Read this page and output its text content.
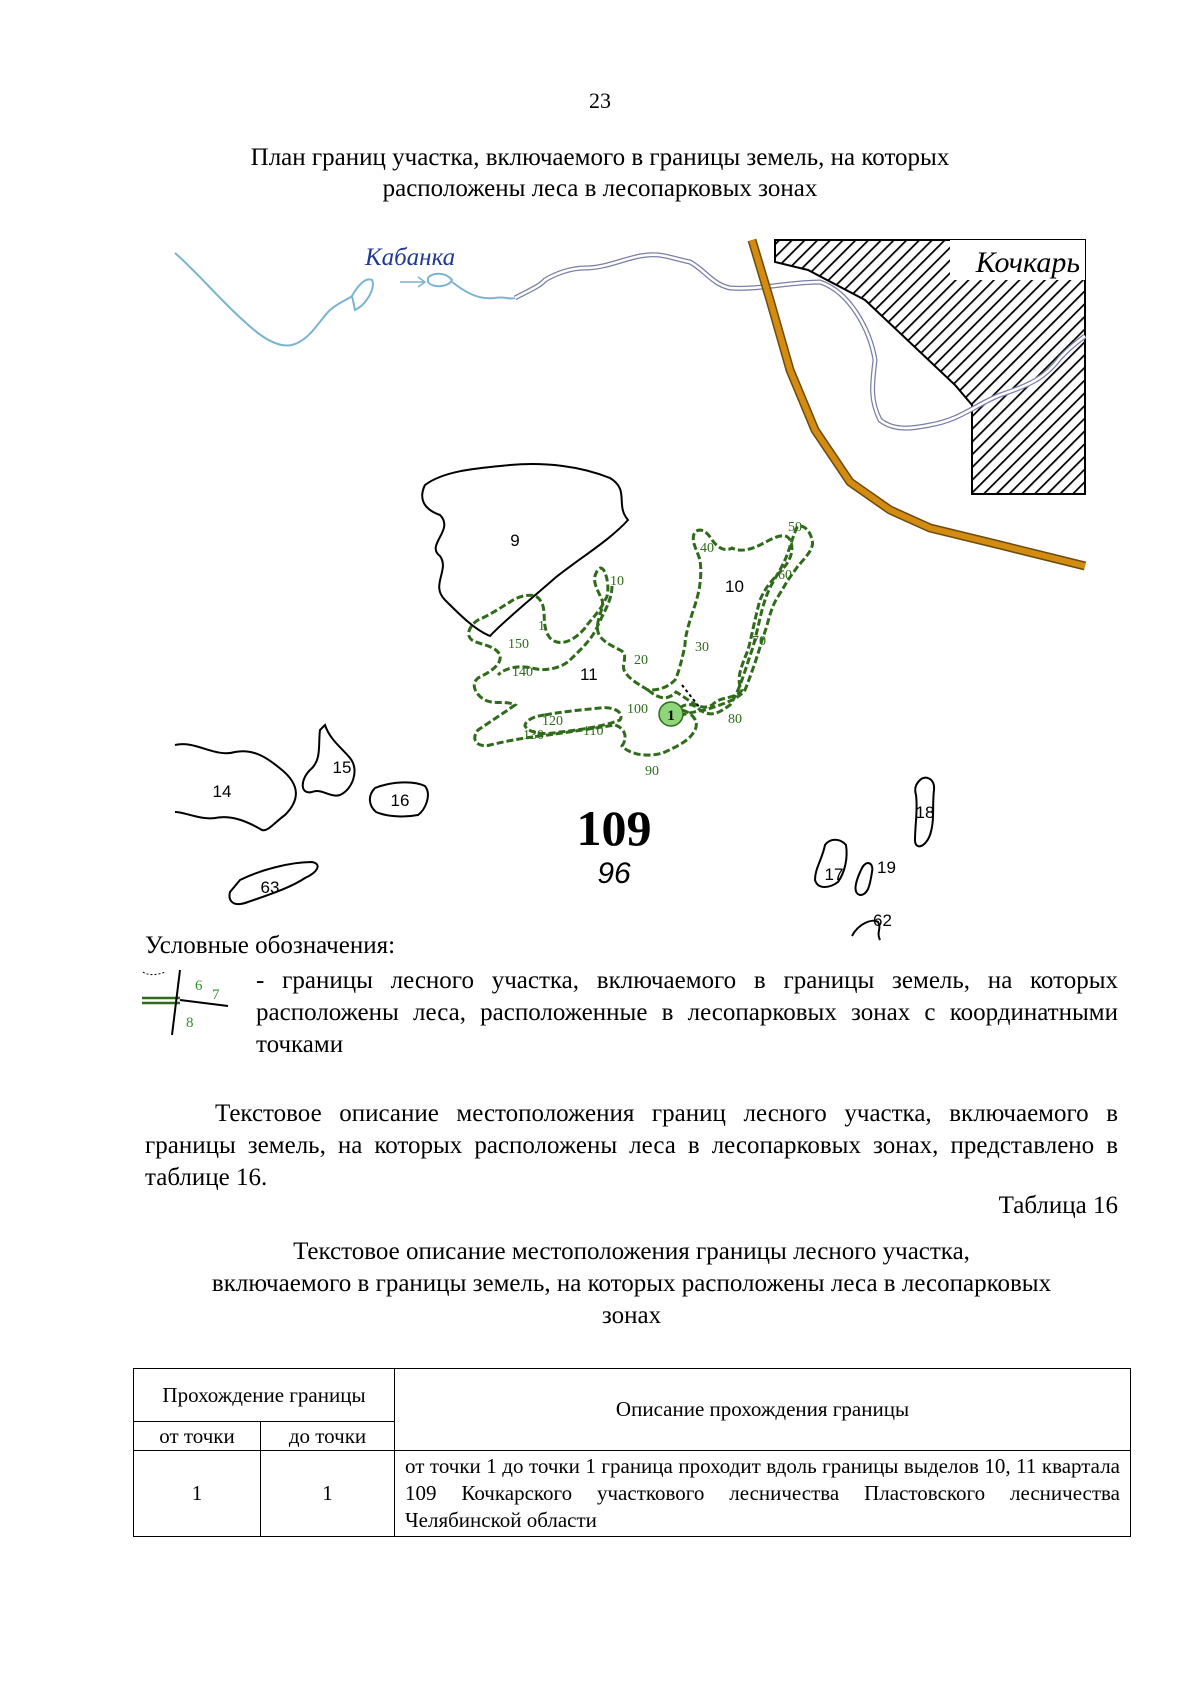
23
План границ участка, включаемого в границы земель, на которых
расположены леса в лесопарковых зонах
Кочкарь
Кабанка
9
1
1
10
20
30
40
50
60
70
80
90
100
110
120
130
140
150
10
11
14
15
16
63
18
17 19
62
109
96
Условные обозначения:
6
7
8
- границы лесного участка, включаемого в границы земель, на которых расположены леса, расположенные в лесопарковых зонах с координатными точками
Текстовое описание местоположения границ лесного участка, включаемого в границы земель, на которых расположены леса в лесопарковых зонах, представлено в таблице 16.
Таблица 16
Текстовое описание местоположения границы лесного участка,
включаемого в границы земель, на которых расположены леса в лесопарковых
зонах
Прохождение границы		Описание прохождения границы
от точки	до точки	
1	1	от точки 1 до точки 1 граница проходит вдоль границы выделов 10, 11 квартала 109 Кочкарского участкового лесничества Пластовского лесничества Челябинской области
